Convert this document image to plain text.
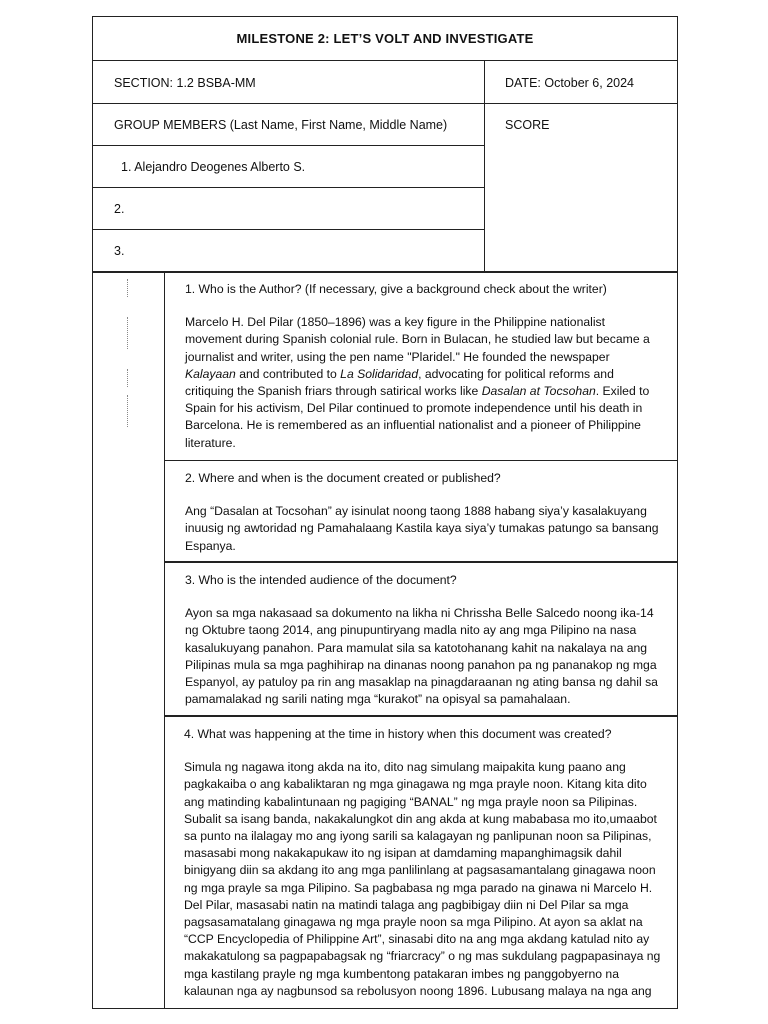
MILESTONE 2: LET’S VOLT AND INVESTIGATE
SECTION: 1.2 BSBA-MM	DATE: October 6, 2024
GROUP MEMBERS (Last Name, First Name, Middle Name)	SCORE
1. Alejandro Deogenes Alberto S.
2.
3.
1. Who is the Author? (If necessary, give a background check about the writer)
Marcelo H. Del Pilar (1850–1896) was a key figure in the Philippine nationalist movement during Spanish colonial rule. Born in Bulacan, he studied law but became a journalist and writer, using the pen name "Plaridel." He founded the newspaper Kalayaan and contributed to La Solidaridad, advocating for political reforms and critiquing the Spanish friars through satirical works like Dasalan at Tocsohan. Exiled to Spain for his activism, Del Pilar continued to promote independence until his death in Barcelona. He is remembered as an influential nationalist and a pioneer of Philippine literature.
2. Where and when is the document created or published?
Ang “Dasalan at Tocsohan” ay isinulat noong taong 1888 habang siya’y kasalakuyang inuusig ng awtoridad ng Pamahalaang Kastila kaya siya’y tumakas patungo sa bansang Espanya.
3. Who is the intended audience of the document?
Ayon sa mga nakasaad sa dokumento na likha ni Chrissha Belle Salcedo noong ika-14 ng Oktubre taong 2014, ang pinupuntiryang madla nito ay ang mga Pilipino na nasa kasalukuyang panahon. Para mamulat sila sa katotohanang kahit na nakalaya na ang Pilipinas mula sa mga paghihirap na dinanas noong panahon pa ng pananakop ng mga Espanyol, ay patuloy pa rin ang masaklap na pinagdaraanan ng ating bansa ng dahil sa pamamalakad ng sarili nating mga “kurakot” na opisyal sa pamahalaan.
4. What was happening at the time in history when this document was created?
Simula ng nagawa itong akda na ito, dito nag simulang maipakita kung paano ang pagkakaiba o ang kabaliktaran ng mga ginagawa ng mga prayle noon. Kitang kita dito ang matinding kabalintunaan ng pagiging “BANAL” ng mga prayle noon sa Pilipinas. Subalit sa isang banda, nakakalungkot din ang akda at kung mababasa mo ito,umaabot sa punto na ilalagay mo ang iyong sarili sa kalagayan ng panlipunan noon sa Pilipinas, masasabi mong nakakapukaw ito ng isipan at damdaming mapanghimagsik dahil binigyang diin sa akdang ito ang mga panlilinlang at pagsasamantalang ginagawa noon ng mga prayle sa mga Pilipino. Sa pagbabasa ng mga parado na ginawa ni Marcelo H. Del Pilar, masasabi natin na matindi talaga ang pagbibigay diin ni Del Pilar sa mga pagsasamatalang ginagawa ng mga prayle noon sa mga Pilipino. At ayon sa aklat na “CCP Encyclopedia of Philippine Art”, sinasabi dito na ang mga akdang katulad nito ay makakatulong sa pagpapabagsak ng “friarcracy” o ng mas sukdulang pagpapasinaya ng mga kastilang prayle ng mga kumbentong patakaran imbes ng panggobyerno na kalaunan nga ay nagbunsod sa rebolusyon noong 1896. Lubusang malaya na nga ang
